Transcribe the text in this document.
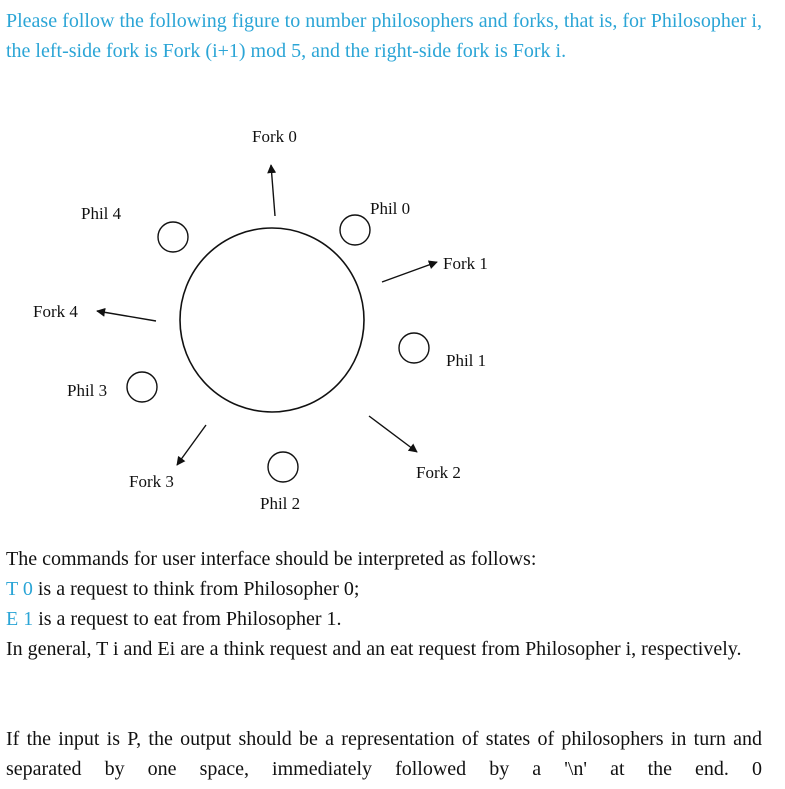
Please follow the following figure to number philosophers and forks, that is, for Philosopher i, the left-side fork is Fork (i+1) mod 5, and the right-side fork is Fork i.

Fork 0
Fork 1
Fork 2
Fork 3
Fork 4
Phil 0
Phil 1
Phil 2
Phil 3
Phil 4
The commands for user interface should be interpreted as follows:
T 0 is a request to think from Philosopher 0;
E 1 is a request to eat from Philosopher 1.
In general, T i and Ei are a think request and an eat request from Philosopher i, respectively.

If the input is P, the output should be a representation of states of philosophers in turn and separated by one space, immediately followed by a '\n' at the end. 0
